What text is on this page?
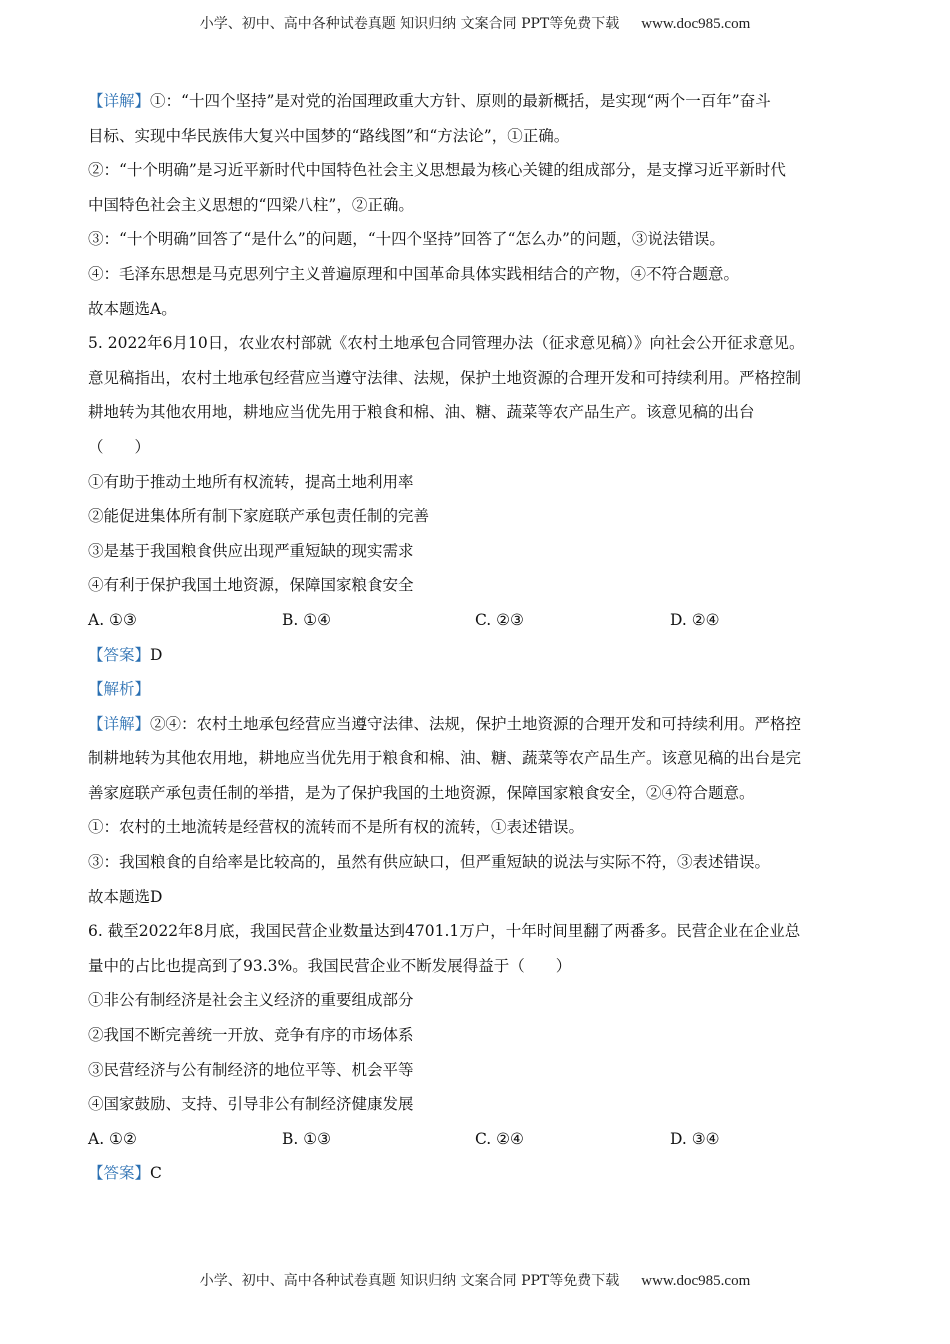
小学、初中、高中各种试卷真题 知识归纳 文案合同 PPT等免费下载 www.doc985.com
【详解】①：“十四个坚持”是对党的治国理政重大方针、原则的最新概括，是实现“两个一百年”奋斗
目标、实现中华民族伟大复兴中国梦的“路线图”和“方法论”，①正确。
②：“十个明确”是习近平新时代中国特色社会主义思想最为核心关键的组成部分，是支撑习近平新时代
中国特色社会主义思想的“四梁八柱”，②正确。
③：“十个明确”回答了“是什么”的问题，“十四个坚持”回答了“怎么办”的问题，③说法错误。
④：毛泽东思想是马克思列宁主义普遍原理和中国革命具体实践相结合的产物，④不符合题意。
故本题选A。
5. 2022年6月10日，农业农村部就《农村土地承包合同管理办法（征求意见稿）》向社会公开征求意见。
意见稿指出，农村土地承包经营应当遵守法律、法规，保护土地资源的合理开发和可持续利用。严格控制
耕地转为其他农用地，耕地应当优先用于粮食和棉、油、糖、蔬菜等农产品生产。该意见稿的出台
（　　）
①有助于推动土地所有权流转，提高土地利用率
②能促进集体所有制下家庭联产承包责任制的完善
③是基于我国粮食供应出现严重短缺的现实需求
④有利于保护我国土地资源，保障国家粮食安全
A. ①③	B. ①④	C. ②③	D. ②④
【答案】D
【解析】
【详解】②④：农村土地承包经营应当遵守法律、法规，保护土地资源的合理开发和可持续利用。严格控
制耕地转为其他农用地，耕地应当优先用于粮食和棉、油、糖、蔬菜等农产品生产。该意见稿的出台是完
善家庭联产承包责任制的举措，是为了保护我国的土地资源，保障国家粮食安全，②④符合题意。
①：农村的土地流转是经营权的流转而不是所有权的流转，①表述错误。
③：我国粮食的自给率是比较高的，虽然有供应缺口，但严重短缺的说法与实际不符，③表述错误。
故本题选D
6. 截至2022年8月底，我国民营企业数量达到4701.1万户，十年时间里翻了两番多。民营企业在企业总
量中的占比也提高到了93.3%。我国民营企业不断发展得益于（　　）
①非公有制经济是社会主义经济的重要组成部分
②我国不断完善统一开放、竞争有序的市场体系
③民营经济与公有制经济的地位平等、机会平等
④国家鼓励、支持、引导非公有制经济健康发展
A. ①②	B. ①③	C. ②④	D. ③④
【答案】C
小学、初中、高中各种试卷真题 知识归纳 文案合同 PPT等免费下载 www.doc985.com
